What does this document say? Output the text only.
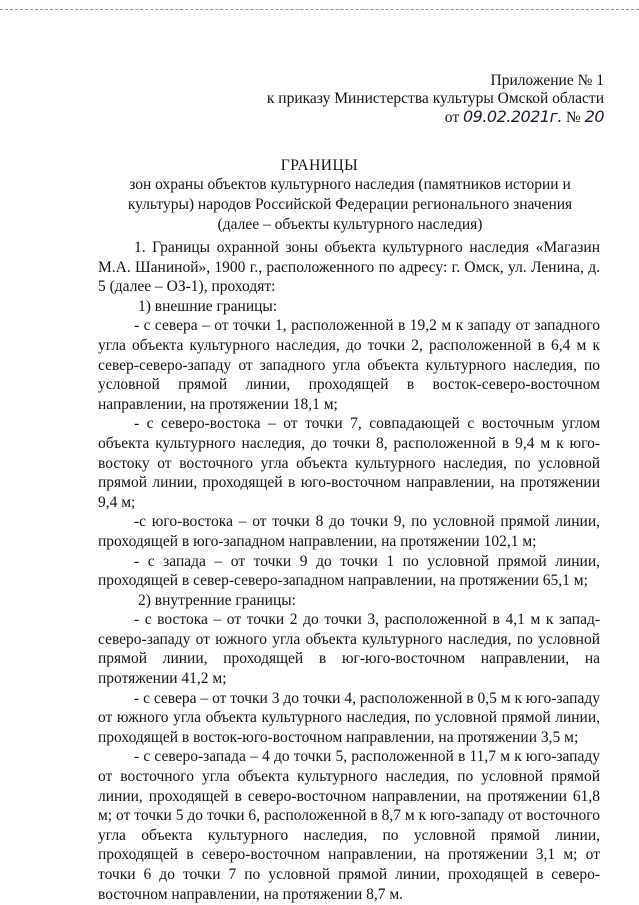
Приложение № 1
к приказу Министерства культуры Омской области
от 09.02.2021г. № 20
ГРАНИЦЫ
зон охраны объектов культурного наследия (памятников истории и культуры) народов Российской Федерации регионального значения (далее – объекты культурного наследия)

1. Границы охранной зоны объекта культурного наследия «Магазин М.А. Шаниной», 1900 г., расположенного по адресу: г. Омск, ул. Ленина, д. 5 (далее – ОЗ-1), проходят:

1) внешние границы:

- с севера – от точки 1, расположенной в 19,2 м к западу от западного угла объекта культурного наследия, до точки 2, расположенной в 6,4 м к север-северо-западу от западного угла объекта культурного наследия, по условной прямой линии, проходящей в восток-северо-восточном направлении, на протяжении 18,1 м;

- с северо-востока – от точки 7, совпадающей с восточным углом объекта культурного наследия, до точки 8, расположенной в 9,4 м к юго-востоку от восточного угла объекта культурного наследия, по условной прямой линии, проходящей в юго-восточном направлении, на протяжении 9,4 м;

-с юго-востока – от точки 8 до точки 9, по условной прямой линии, проходящей в юго-западном направлении, на протяжении 102,1 м;

- с запада – от точки 9 до точки 1 по условной прямой линии, проходящей в север-северо-западном направлении, на протяжении 65,1 м;

2) внутренние границы:

- с востока – от точки 2 до точки 3, расположенной в 4,1 м к запад-северо-западу от южного угла объекта культурного наследия, по условной прямой линии, проходящей в юг-юго-восточном направлении, на протяжении 41,2 м;

- с севера – от точки 3 до точки 4, расположенной в 0,5 м к юго-западу от южного угла объекта культурного наследия, по условной прямой линии, проходящей в восток-юго-восточном направлении, на протяжении 3,5 м;

- с северо-запада – 4 до точки 5, расположенной в 11,7 м к юго-западу от восточного угла объекта культурного наследия, по условной прямой линии, проходящей в северо-восточном направлении, на протяжении 61,8 м; от точки 5 до точки 6, расположенной в 8,7 м к юго-западу от восточного угла объекта культурного наследия, по условной прямой линии, проходящей в северо-восточном направлении, на протяжении 3,1 м; от точки 6 до точки 7 по условной прямой линии, проходящей в северо-восточном направлении, на протяжении 8,7 м.
